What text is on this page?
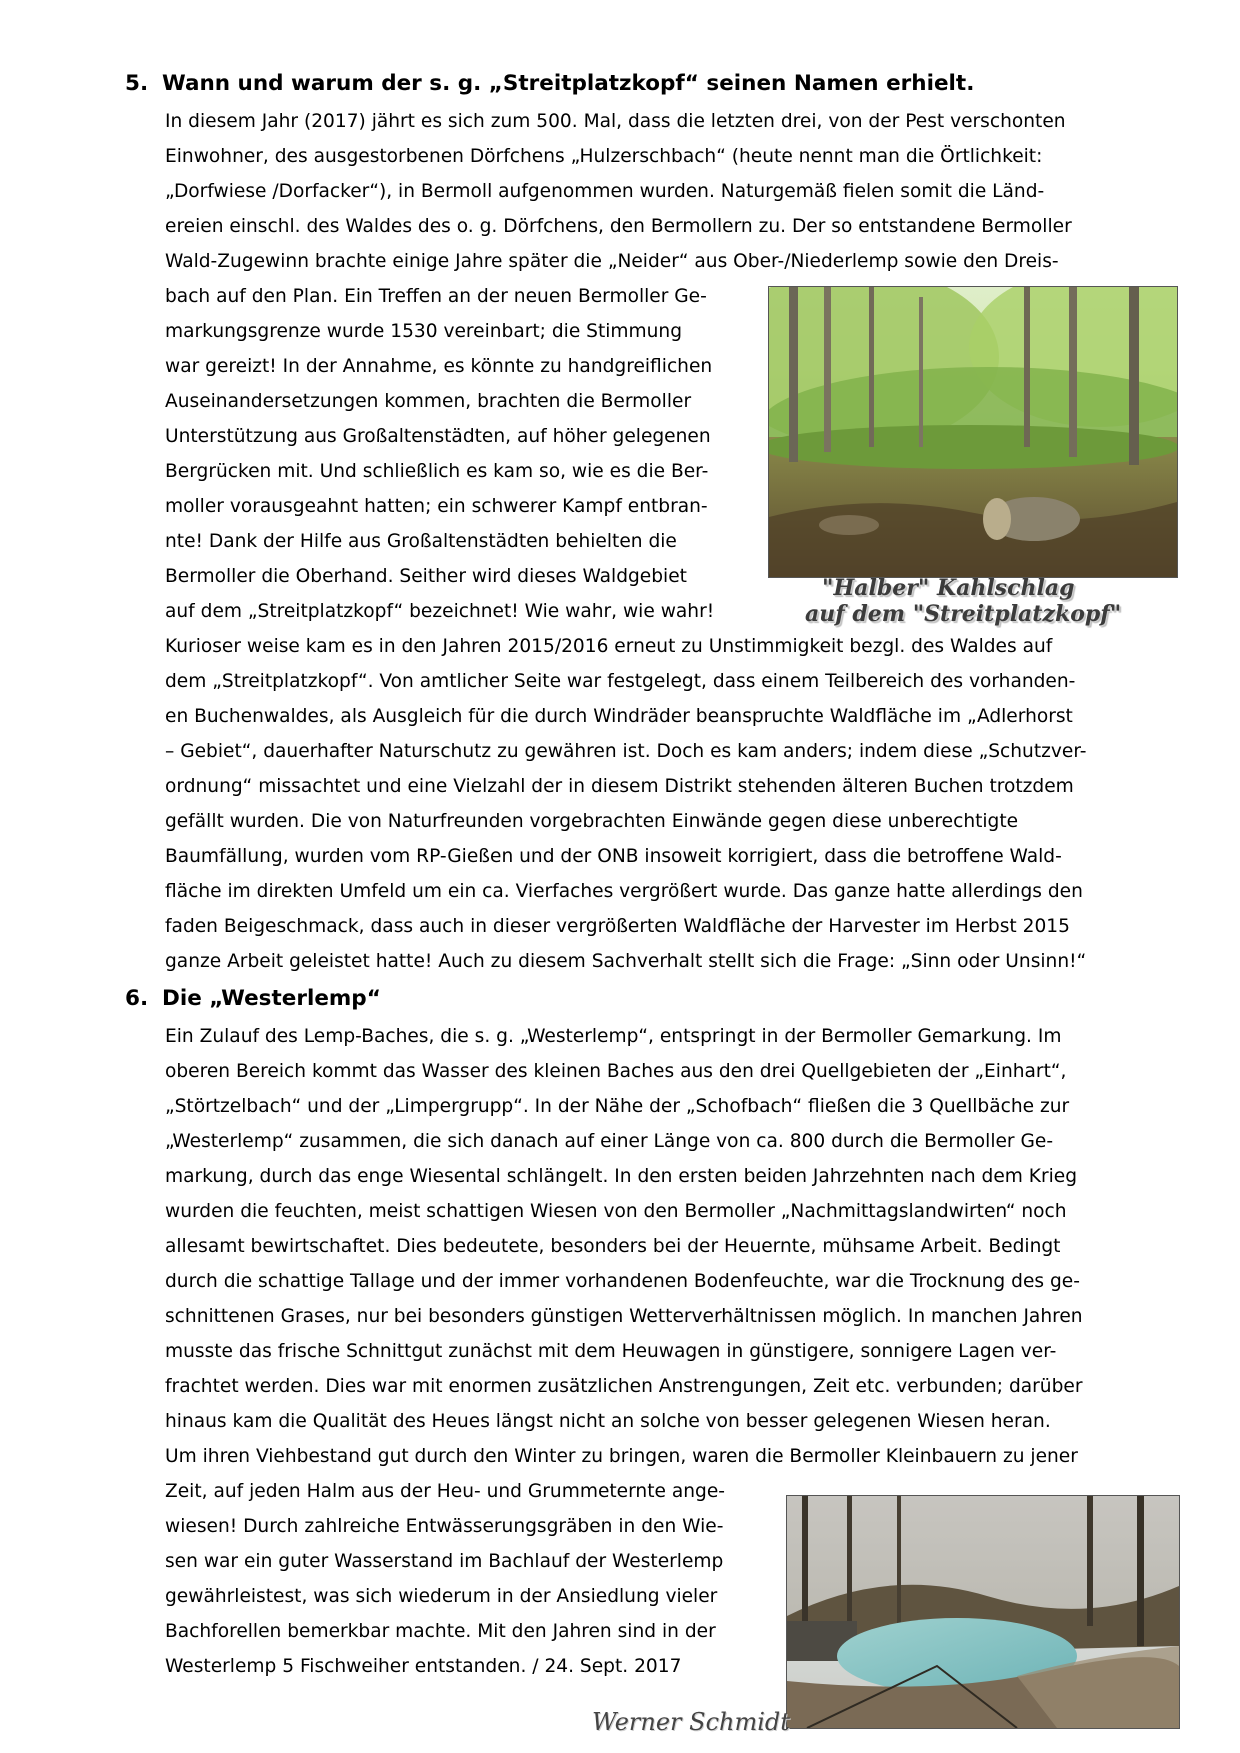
5. Wann und warum der s. g. „Streitplatzkopf“ seinen Namen erhielt.
In diesem Jahr (2017) jährt es sich zum 500. Mal, dass die letzten drei, von der Pest verschonten
Einwohner, des ausgestorbenen Dörfchens „Hulzerschbach“ (heute nennt man die Örtlichkeit:
„Dorfwiese /Dorfacker“), in Bermoll aufgenommen wurden. Naturgemäß fielen somit die Länd-
ereien einschl. des Waldes des o. g. Dörfchens, den Bermollern zu. Der so entstandene Bermoller
Wald-Zugewinn brachte einige Jahre später die „Neider“ aus Ober-/Niederlemp sowie den Dreis-
bach auf den Plan. Ein Treffen an der neuen Bermoller Ge-
markungsgrenze wurde 1530 vereinbart; die Stimmung
war gereizt! In der Annahme, es könnte zu handgreiflichen
Auseinandersetzungen kommen, brachten die Bermoller
Unterstützung aus Großaltenstädten, auf höher gelegenen
Bergrücken mit. Und schließlich es kam so, wie es die Ber-
moller vorausgeahnt hatten; ein schwerer Kampf entbran-
nte! Dank der Hilfe aus Großaltenstädten behielten die
Bermoller die Oberhand. Seither wird dieses Waldgebiet
auf dem „Streitplatzkopf“ bezeichnet! Wie wahr, wie wahr!
"Halber" Kahlschlag
auf dem "Streitplatzkopf"
Kurioser weise kam es in den Jahren 2015/2016 erneut zu Unstimmigkeit bezgl. des Waldes auf
dem „Streitplatzkopf“. Von amtlicher Seite war festgelegt, dass einem Teilbereich des vorhanden-
en Buchenwaldes, als Ausgleich für die durch Windräder beanspruchte Waldfläche im „Adlerhorst
– Gebiet“, dauerhafter Naturschutz zu gewähren ist. Doch es kam anders; indem diese „Schutzver-
ordnung“ missachtet und eine Vielzahl der in diesem Distrikt stehenden älteren Buchen trotzdem
gefällt wurden. Die von Naturfreunden vorgebrachten Einwände gegen diese unberechtigte
Baumfällung, wurden vom RP-Gießen und der ONB insoweit korrigiert, dass die betroffene Wald-
fläche im direkten Umfeld um ein ca. Vierfaches vergrößert wurde. Das ganze hatte allerdings den
faden Beigeschmack, dass auch in dieser vergrößerten Waldfläche der Harvester im Herbst 2015
ganze Arbeit geleistet hatte! Auch zu diesem Sachverhalt stellt sich die Frage: „Sinn oder Unsinn!“
6. Die „Westerlemp“
Ein Zulauf des Lemp-Baches, die s. g. „Westerlemp“, entspringt in der Bermoller Gemarkung. Im
oberen Bereich kommt das Wasser des kleinen Baches aus den drei Quellgebieten der „Einhart“,
„Störtzelbach“ und der „Limpergrupp“. In der Nähe der „Schofbach“ fließen die 3 Quellbäche zur
„Westerlemp“ zusammen, die sich danach auf einer Länge von ca. 800 durch die Bermoller Ge-
markung, durch das enge Wiesental schlängelt. In den ersten beiden Jahrzehnten nach dem Krieg
wurden die feuchten, meist schattigen Wiesen von den Bermoller „Nachmittagslandwirten“ noch
allesamt bewirtschaftet. Dies bedeutete, besonders bei der Heuernte, mühsame Arbeit. Bedingt
durch die schattige Tallage und der immer vorhandenen Bodenfeuchte, war die Trocknung des ge-
schnittenen Grases, nur bei besonders günstigen Wetterverhältnissen möglich. In manchen Jahren
musste das frische Schnittgut zunächst mit dem Heuwagen in günstigere, sonnigere Lagen ver-
frachtet werden. Dies war mit enormen zusätzlichen Anstrengungen, Zeit etc. verbunden; darüber
hinaus kam die Qualität des Heues längst nicht an solche von besser gelegenen Wiesen heran.
Um ihren Viehbestand gut durch den Winter zu bringen, waren die Bermoller Kleinbauern zu jener
Zeit, auf jeden Halm aus der Heu- und Grummeternte ange-
wiesen! Durch zahlreiche Entwässerungsgräben in den Wie-
sen war ein guter Wasserstand im Bachlauf der Westerlemp
gewährleistest, was sich wiederum in der Ansiedlung vieler
Bachforellen bemerkbar machte. Mit den Jahren sind in der
Westerlemp 5 Fischweiher entstanden. / 24. Sept. 2017
Werner Schmidt
